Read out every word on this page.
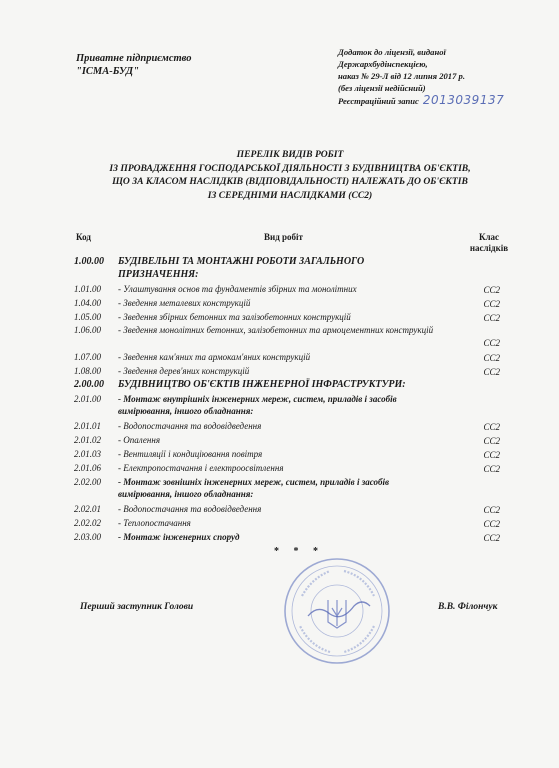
Приватне підприємство
"ІСМА-БУД"
Додаток до ліцензії, виданої
Держархбудінспекцією,
наказ № 29-Л від 12 липня 2017 р.
(без ліцензії недійсний)
Реєстраційний запис 2013039137
ПЕРЕЛІК ВИДІВ РОБІТ
ІЗ ПРОВАДЖЕННЯ ГОСПОДАРСЬКОЇ ДІЯЛЬНОСТІ З БУДІВНИЦТВА ОБ'ЄКТІВ,
ЩО ЗА КЛАСОМ НАСЛІДКІВ (ВІДПОВІДАЛЬНОСТІ) НАЛЕЖАТЬ ДО ОБ'ЄКТІВ
ІЗ СЕРЕДНІМИ НАСЛІДКАМИ (СС2)
Код	Вид робіт	Клас
наслідків
1.00.00 БУДІВЕЛЬНІ ТА МОНТАЖНІ РОБОТИ ЗАГАЛЬНОГО ПРИЗНАЧЕННЯ:
1.01.00 - Улаштування основ та фундаментів збірних та монолітних	СС2
1.04.00 - Зведення металевих конструкцій	СС2
1.05.00 - Зведення збірних бетонних та залізобетонних конструкцій	СС2
1.06.00 - Зведення монолітних бетонних, залізобетонних та армоцементних конструкцій
СС2
1.07.00 - Зведення кам'яних та армокам'яних конструкцій	СС2
1.08.00 - Зведення дерев'яних конструкцій	СС2
2.00.00 БУДІВНИЦТВО ОБ'ЄКТІВ ІНЖЕНЕРНОЇ ІНФРАСТРУКТУРИ:
2.01.00 - Монтаж внутрішніх інженерних мереж, систем, приладів і засобів вимірювання, іншого обладнання:
2.01.01 - Водопостачання та водовідведення	СС2
2.01.02 - Опалення	СС2
2.01.03 - Вентиляції і кондиціювання повітря	СС2
2.01.06 - Електропостачання і електроосвітлення	СС2
2.02.00 - Монтаж зовнішніх інженерних мереж, систем, приладів і засобів вимірювання, іншого обладнання:
2.02.01 - Водопостачання та водовідведення	СС2
2.02.02 - Теплопостачання	СС2
2.03.00 - Монтаж інженерних споруд	СС2
* * *
Перший заступник Голови	В.В. Філончук
